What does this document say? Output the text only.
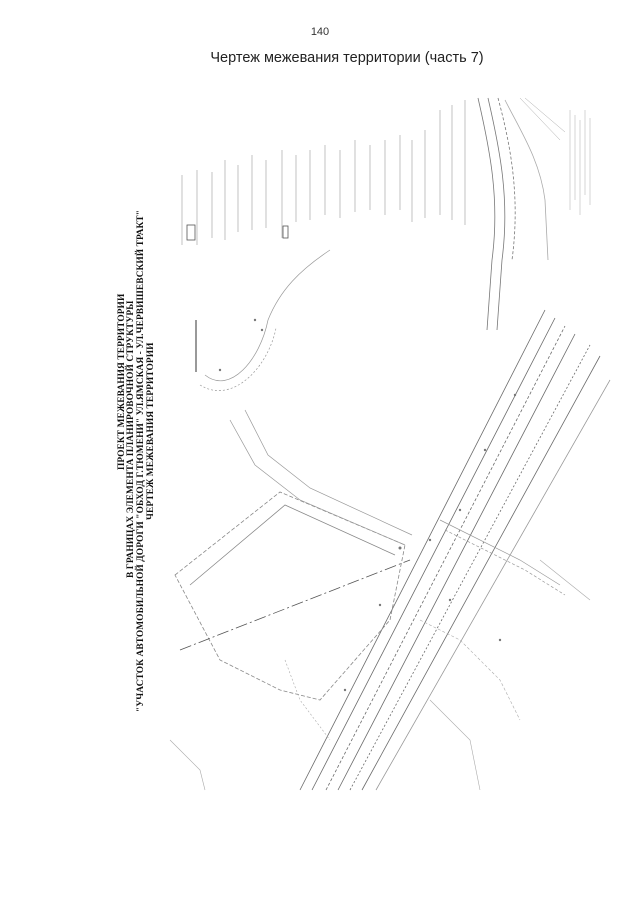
140
Чертеж межевания территории (часть 7)
ПРОЕКТ МЕЖЕВАНИЯ ТЕРРИТОРИИ В ГРАНИЦАХ ЭЛЕМЕНТА ПЛАНИРОВОЧНОЙ СТРУКТУРЫ "УЧАСТОК АВТОМОБИЛЬНОЙ ДОРОГИ "ОБХОД Г.ТЮМЕНИ" УЛ.ЯМСКАЯ - УЛ.ЧЕРВИШЕВСКИЙ ТРАКТ" ЧЕРТЕЖ МЕЖЕВАНИЯ ТЕРРИТОРИИ
